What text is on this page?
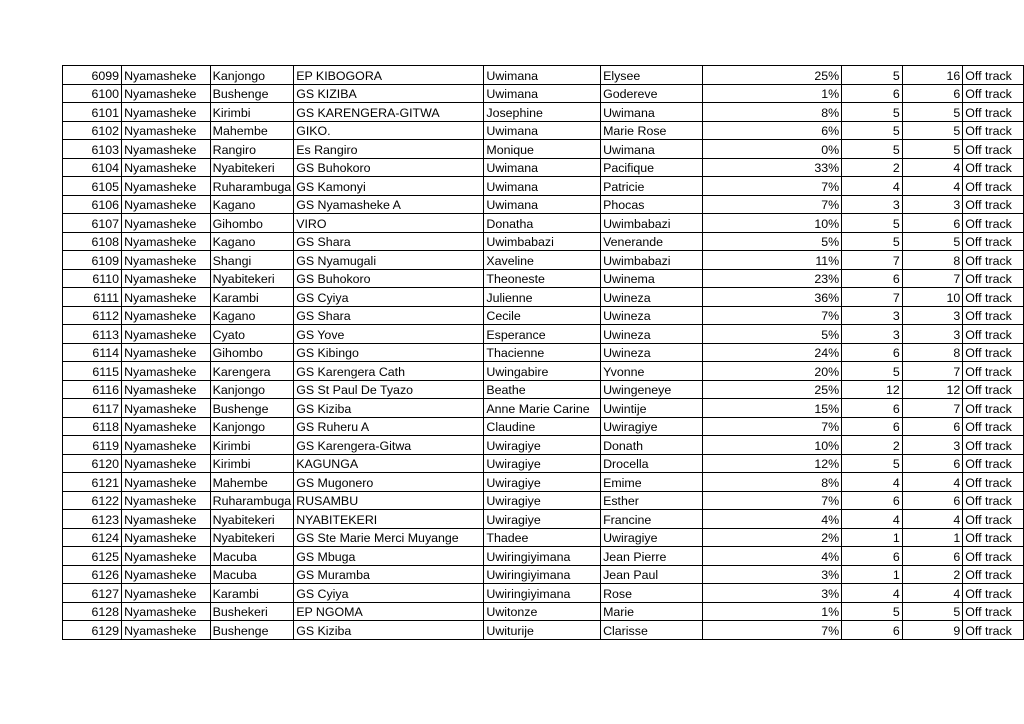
6099	Nyamasheke	Kanjongo	EP KIBOGORA	Uwimana	Elysee	25%	5	16	Off track
6100	Nyamasheke	Bushenge	GS KIZIBA	Uwimana	Godereve	1%	6	6	Off track
6101	Nyamasheke	Kirimbi	GS KARENGERA-GITWA	Josephine	Uwimana	8%	5	5	Off track
6102	Nyamasheke	Mahembe	GIKO.	Uwimana	Marie Rose	6%	5	5	Off track
6103	Nyamasheke	Rangiro	Es Rangiro	Monique	Uwimana	0%	5	5	Off track
6104	Nyamasheke	Nyabitekeri	GS Buhokoro	Uwimana	Pacifique	33%	2	4	Off track
6105	Nyamasheke	Ruharambuga	GS Kamonyi	Uwimana	Patricie	7%	4	4	Off track
6106	Nyamasheke	Kagano	GS Nyamasheke A	Uwimana	Phocas	7%	3	3	Off track
6107	Nyamasheke	Gihombo	VIRO	Donatha	Uwimbabazi	10%	5	6	Off track
6108	Nyamasheke	Kagano	GS Shara	Uwimbabazi	Venerande	5%	5	5	Off track
6109	Nyamasheke	Shangi	GS Nyamugali	Xaveline	Uwimbabazi	11%	7	8	Off track
6110	Nyamasheke	Nyabitekeri	GS Buhokoro	Theoneste	Uwinema	23%	6	7	Off track
6111	Nyamasheke	Karambi	GS Cyiya	Julienne	Uwineza	36%	7	10	Off track
6112	Nyamasheke	Kagano	GS Shara	Cecile	Uwineza	7%	3	3	Off track
6113	Nyamasheke	Cyato	GS Yove	Esperance	Uwineza	5%	3	3	Off track
6114	Nyamasheke	Gihombo	GS Kibingo	Thacienne	Uwineza	24%	6	8	Off track
6115	Nyamasheke	Karengera	GS Karengera Cath	Uwingabire	Yvonne	20%	5	7	Off track
6116	Nyamasheke	Kanjongo	GS St Paul De Tyazo	Beathe	Uwingeneye	25%	12	12	Off track
6117	Nyamasheke	Bushenge	GS Kiziba	Anne Marie Carine	Uwintije	15%	6	7	Off track
6118	Nyamasheke	Kanjongo	GS Ruheru A	Claudine	Uwiragiye	7%	6	6	Off track
6119	Nyamasheke	Kirimbi	GS Karengera-Gitwa	Uwiragiye	Donath	10%	2	3	Off track
6120	Nyamasheke	Kirimbi	KAGUNGA	Uwiragiye	Drocella	12%	5	6	Off track
6121	Nyamasheke	Mahembe	GS Mugonero	Uwiragiye	Emime	8%	4	4	Off track
6122	Nyamasheke	Ruharambuga	RUSAMBU	Uwiragiye	Esther	7%	6	6	Off track
6123	Nyamasheke	Nyabitekeri	NYABITEKERI	Uwiragiye	Francine	4%	4	4	Off track
6124	Nyamasheke	Nyabitekeri	GS Ste Marie Merci Muyange	Thadee	Uwiragiye	2%	1	1	Off track
6125	Nyamasheke	Macuba	GS Mbuga	Uwiringiyimana	Jean Pierre	4%	6	6	Off track
6126	Nyamasheke	Macuba	GS Muramba	Uwiringiyimana	Jean Paul	3%	1	2	Off track
6127	Nyamasheke	Karambi	GS Cyiya	Uwiringiyimana	Rose	3%	4	4	Off track
6128	Nyamasheke	Bushekeri	EP NGOMA	Uwitonze	Marie	1%	5	5	Off track
6129	Nyamasheke	Bushenge	GS Kiziba	Uwiturije	Clarisse	7%	6	9	Off track
